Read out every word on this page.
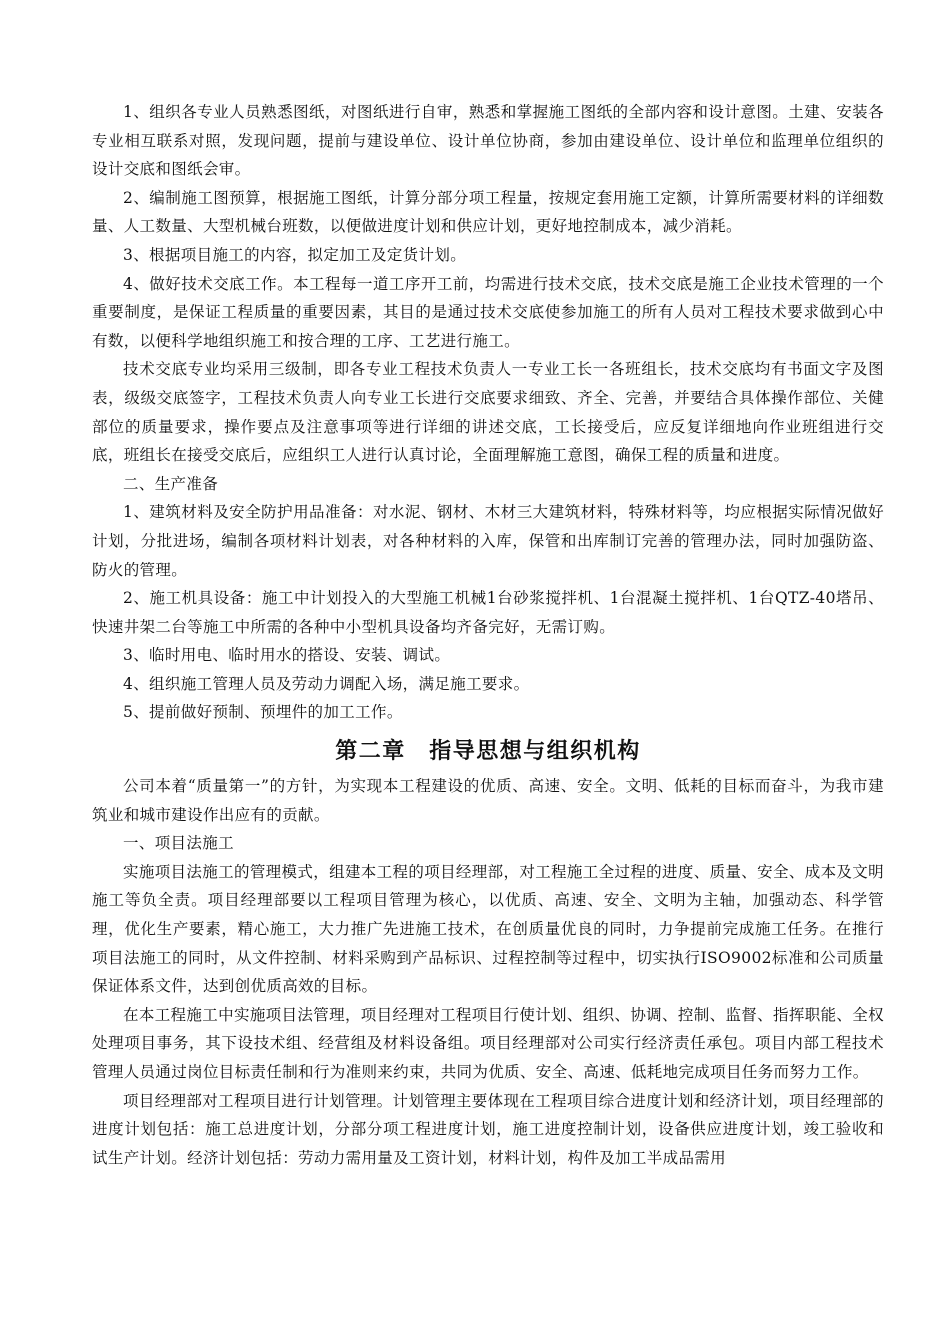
1、组织各专业人员熟悉图纸，对图纸进行自审，熟悉和掌握施工图纸的全部内容和设计意图。土建、安装各专业相互联系对照，发现问题，提前与建设单位、设计单位协商，参加由建设单位、设计单位和监理单位组织的设计交底和图纸会审。

2、编制施工图预算，根据施工图纸，计算分部分项工程量，按规定套用施工定额，计算所需要材料的详细数量、人工数量、大型机械台班数，以便做进度计划和供应计划，更好地控制成本，减少消耗。

3、根据项目施工的内容，拟定加工及定货计划。

4、做好技术交底工作。本工程每一道工序开工前，均需进行技术交底，技术交底是施工企业技术管理的一个重要制度，是保证工程质量的重要因素，其目的是通过技术交底使参加施工的所有人员对工程技术要求做到心中有数，以便科学地组织施工和按合理的工序、工艺进行施工。

技术交底专业均采用三级制，即各专业工程技术负责人一专业工长一各班组长，技术交底均有书面文字及图表，级级交底签字，工程技术负责人向专业工长进行交底要求细致、齐全、完善，并要结合具体操作部位、关健部位的质量要求，操作要点及注意事项等进行详细的讲述交底，工长接受后，应反复详细地向作业班组进行交底，班组长在接受交底后，应组织工人进行认真讨论，全面理解施工意图，确保工程的质量和进度。

二、生产准备

1、建筑材料及安全防护用品准备：对水泥、钢材、木材三大建筑材料，特殊材料等，均应根据实际情况做好计划，分批进场，编制各项材料计划表，对各种材料的入库，保管和出库制订完善的管理办法，同时加强防盗、防火的管理。

2、施工机具设备：施工中计划投入的大型施工机械1台砂浆搅拌机、1台混凝土搅拌机、1台QTZ-40塔吊、快速井架二台等施工中所需的各种中小型机具设备均齐备完好，无需订购。

3、临时用电、临时用水的搭设、安装、调试。

4、组织施工管理人员及劳动力调配入场，满足施工要求。

5、提前做好预制、预埋件的加工工作。

第二章　指导思想与组织机构

公司本着“质量第一”的方针，为实现本工程建设的优质、高速、安全。文明、低耗的目标而奋斗，为我市建筑业和城市建设作出应有的贡献。

一、项目法施工

实施项目法施工的管理模式，组建本工程的项目经理部，对工程施工全过程的进度、质量、安全、成本及文明施工等负全责。项目经理部要以工程项目管理为核心，以优质、高速、安全、文明为主轴，加强动态、科学管理，优化生产要素，精心施工，大力推广先进施工技术，在创质量优良的同时，力争提前完成施工任务。在推行项目法施工的同时，从文件控制、材料采购到产品标识、过程控制等过程中，切实执行ISO9002标准和公司质量保证体系文件，达到创优质高效的目标。

在本工程施工中实施项目法管理，项目经理对工程项目行使计划、组织、协调、控制、监督、指挥职能、全权处理项目事务，其下设技术组、经营组及材料设备组。项目经理部对公司实行经济责任承包。项目内部工程技术管理人员通过岗位目标责任制和行为准则来约束，共同为优质、安全、高速、低耗地完成项目任务而努力工作。

项目经理部对工程项目进行计划管理。计划管理主要体现在工程项目综合进度计划和经济计划，项目经理部的进度计划包括：施工总进度计划，分部分项工程进度计划，施工进度控制计划，设备供应进度计划，竣工验收和试生产计划。经济计划包括：劳动力需用量及工资计划，材料计划，构件及加工半成品需用
